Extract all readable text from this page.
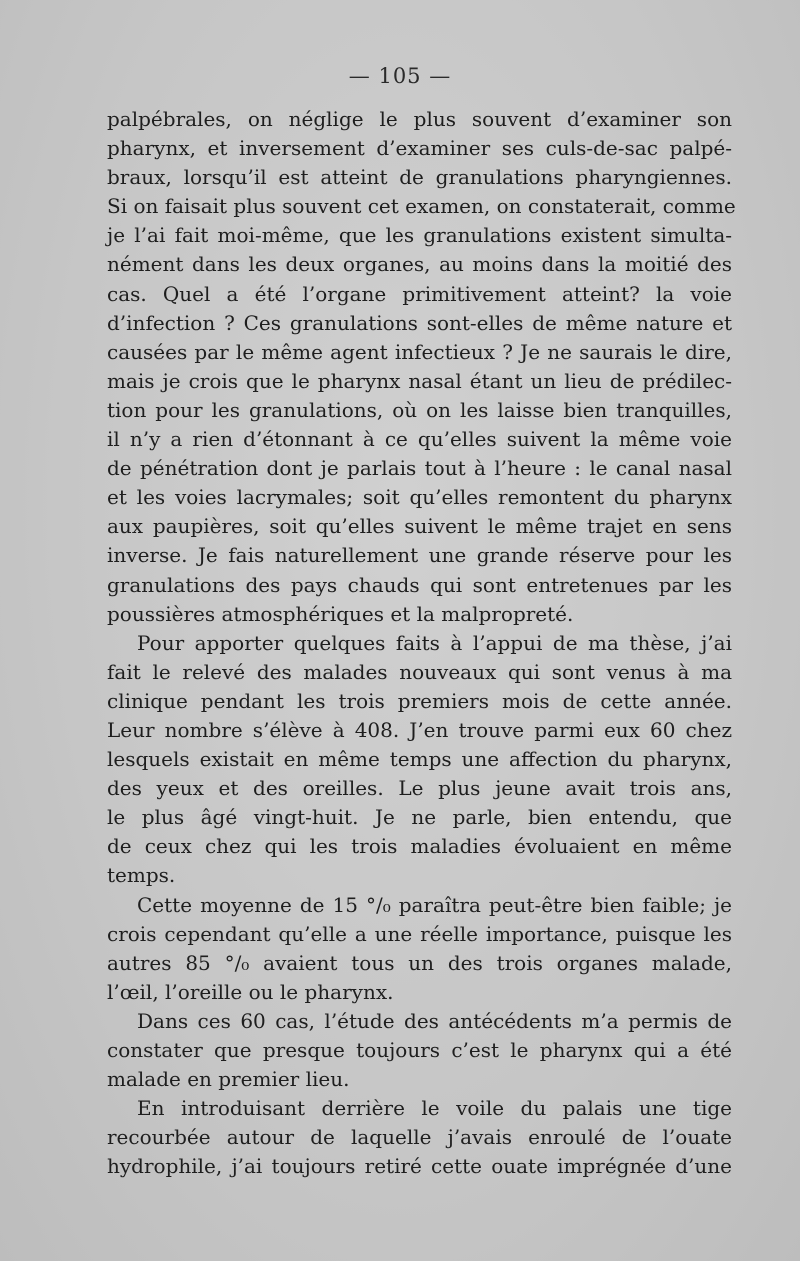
— 105 —
palpébrales, on néglige le plus souvent d’examiner son
pharynx, et inversement d’examiner ses culs-de-sac palpé-
braux, lorsqu’il est atteint de granulations pharyngiennes.
Si on faisait plus souvent cet examen, on constaterait, comme
je l’ai fait moi-même, que les granulations existent simulta-
nément dans les deux organes, au moins dans la moitié des
cas. Quel a été l’organe primitivement atteint? la voie
d’infection ? Ces granulations sont-elles de même nature et
causées par le même agent infectieux ? Je ne saurais le dire,
mais je crois que le pharynx nasal étant un lieu de prédilec-
tion pour les granulations, où on les laisse bien tranquilles,
il n’y a rien d’étonnant à ce qu’elles suivent la même voie
de pénétration dont je parlais tout à l’heure : le canal nasal
et les voies lacrymales; soit qu’elles remontent du pharynx
aux paupières, soit qu’elles suivent le même trajet en sens
inverse. Je fais naturellement une grande réserve pour les
granulations des pays chauds qui sont entretenues par les
poussières atmosphériques et la malpropreté.
Pour apporter quelques faits à l’appui de ma thèse, j’ai
fait le relevé des malades nouveaux qui sont venus à ma
clinique pendant les trois premiers mois de cette année.
Leur nombre s’élève à 408. J’en trouve parmi eux 60 chez
lesquels existait en même temps une affection du pharynx,
des yeux et des oreilles. Le plus jeune avait trois ans,
le plus âgé vingt-huit. Je ne parle, bien entendu, que
de ceux chez qui les trois maladies évoluaient en même
temps.
Cette moyenne de 15 °/₀ paraîtra peut-être bien faible; je
crois cependant qu’elle a une réelle importance, puisque les
autres 85 °/₀ avaient tous un des trois organes malade,
l’œil, l’oreille ou le pharynx.
Dans ces 60 cas, l’étude des antécédents m’a permis de
constater que presque toujours c’est le pharynx qui a été
malade en premier lieu.
En introduisant derrière le voile du palais une tige
recourbée autour de laquelle j’avais enroulé de l’ouate
hydrophile, j’ai toujours retiré cette ouate imprégnée d’une
